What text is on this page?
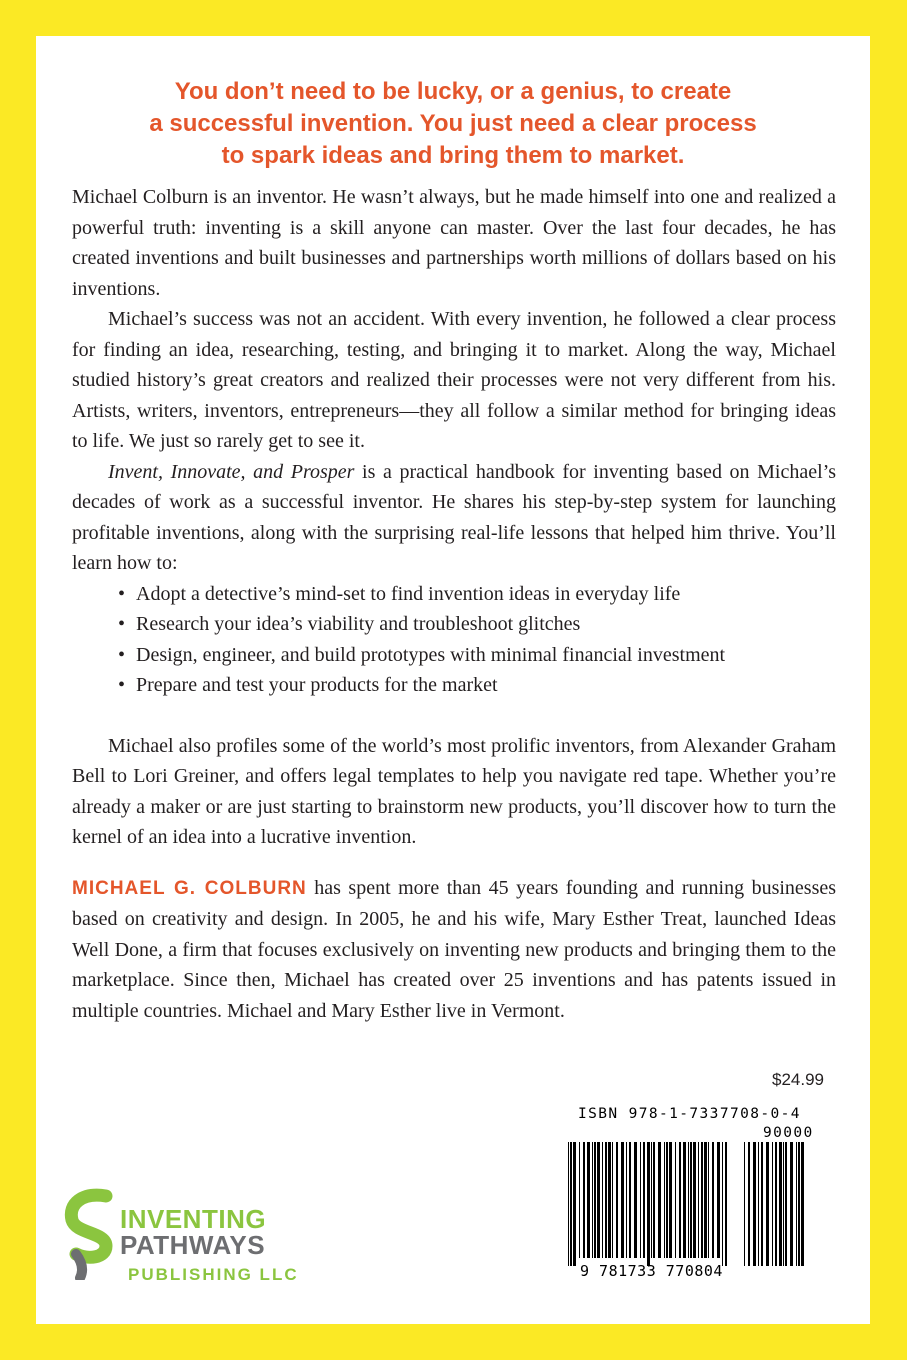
You don’t need to be lucky, or a genius, to create
a successful invention. You just need a clear process
to spark ideas and bring them to market.

Michael Colburn is an inventor. He wasn’t always, but he made himself into one and realized a powerful truth: inventing is a skill anyone can master. Over the last four decades, he has created inventions and built businesses and partnerships worth millions of dollars based on his inventions.

Michael’s success was not an accident. With every invention, he followed a clear process for finding an idea, researching, testing, and bringing it to market. Along the way, Michael studied history’s great creators and realized their processes were not very different from his. Artists, writers, inventors, entrepreneurs—they all follow a similar method for bringing ideas to life. We just so rarely get to see it.

Invent, Innovate, and Prosper is a practical handbook for inventing based on Michael’s decades of work as a successful inventor. He shares his step-by-step system for launching profitable inventions, along with the surprising real-life lessons that helped him thrive. You’ll learn how to:

• Adopt a detective’s mind-set to find invention ideas in everyday life
• Research your idea’s viability and troubleshoot glitches
• Design, engineer, and build prototypes with minimal financial investment
• Prepare and test your products for the market

Michael also profiles some of the world’s most prolific inventors, from Alexander Graham Bell to Lori Greiner, and offers legal templates to help you navigate red tape. Whether you’re already a maker or are just starting to brainstorm new products, you’ll discover how to turn the kernel of an idea into a lucrative invention.

MICHAEL G. COLBURN has spent more than 45 years founding and running businesses based on creativity and design. In 2005, he and his wife, Mary Esther Treat, launched Ideas Well Done, a firm that focuses exclusively on inventing new products and bringing them to the marketplace. Since then, Michael has created over 25 inventions and has patents issued in multiple countries. Michael and Mary Esther live in Vermont.

$24.99
ISBN 978-1-7337708-0-4
90000
9 781733 770804
INVENTING
PATHWAYS
PUBLISHING LLC
